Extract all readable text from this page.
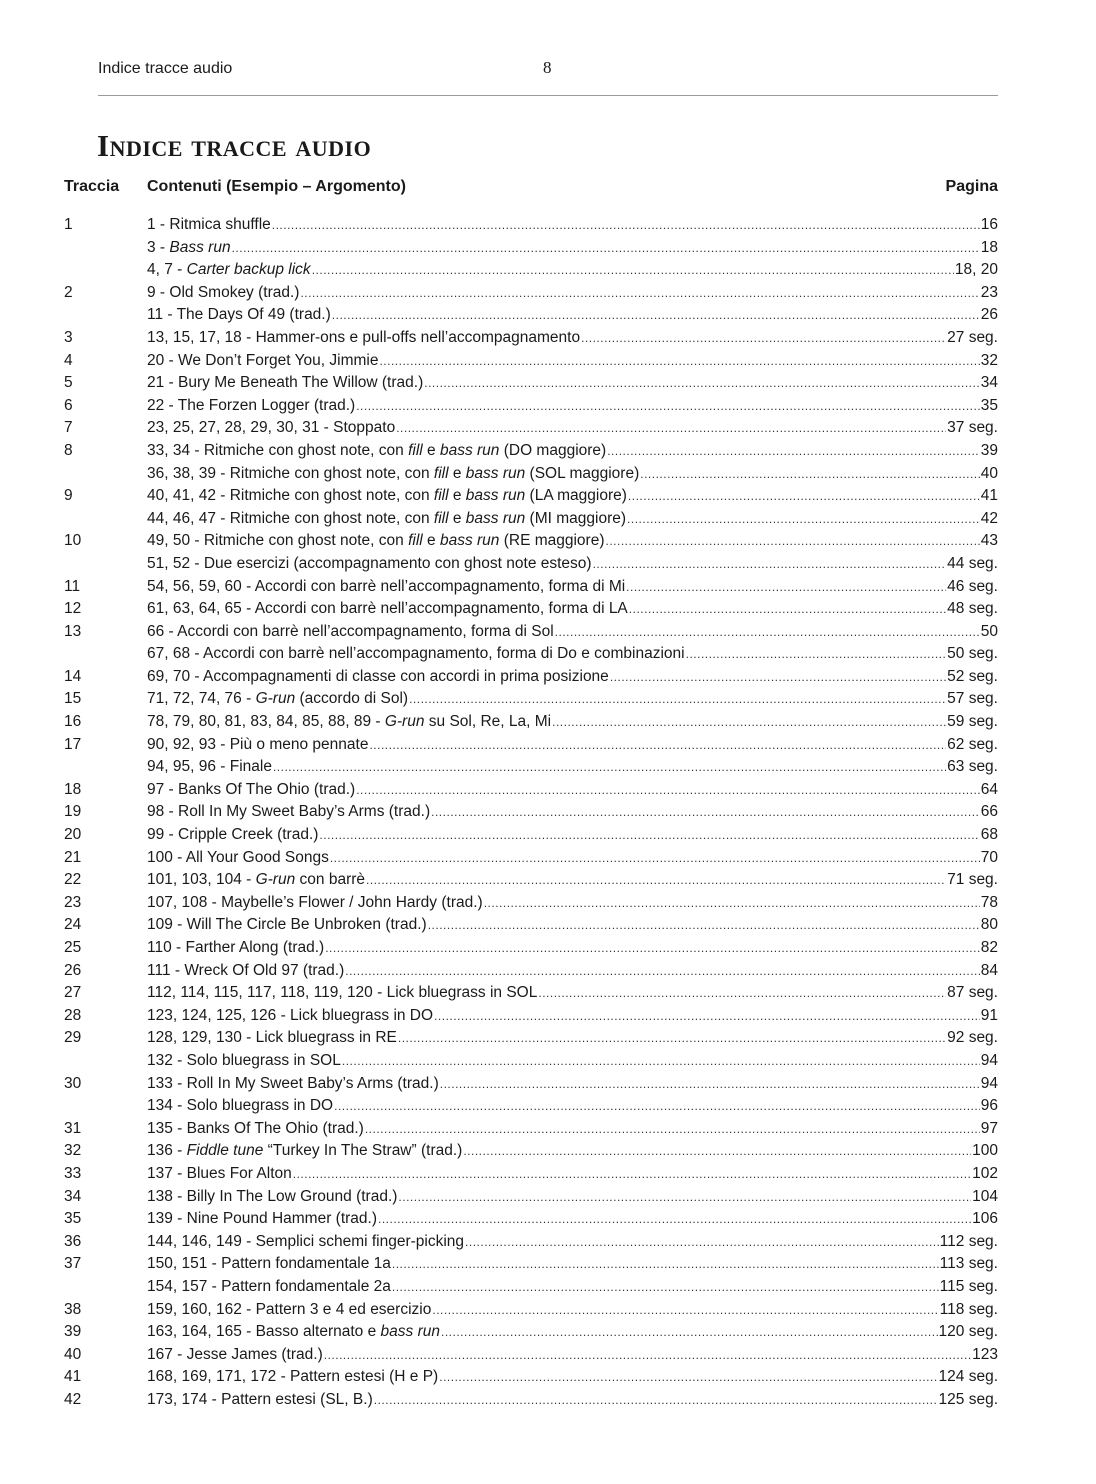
Indice tracce audio	8
Indice tracce audio
Traccia Contenuti (Esempio – Argomento)	Pagina
1	1 - Ritmica shuffle .....	16
3 - Bass run .....	18
4, 7 - Carter backup lick .....	18, 20
2	9 - Old Smokey (trad.) .....	23
11 - The Days Of 49 (trad.) .....	26
3	13, 15, 17, 18 - Hammer-ons e pull-offs nell’accompagnamento .....	27 seg.
4	20 - We Don’t Forget You, Jimmie .....	32
5	21 - Bury Me Beneath The Willow (trad.) .....	34
6	22 - The Forzen Logger (trad.) .....	35
7	23, 25, 27, 28, 29, 30, 31 - Stoppato .....	37 seg.
8	33, 34 - Ritmiche con ghost note, con fill e bass run (DO maggiore) .....	39
36, 38, 39 - Ritmiche con ghost note, con fill e bass run (SOL maggiore) .....	40
9	40, 41, 42 - Ritmiche con ghost note, con fill e bass run (LA maggiore) .....	41
44, 46, 47 - Ritmiche con ghost note, con fill e bass run (MI maggiore) .....	42
10	49, 50 - Ritmiche con ghost note, con fill e bass run (RE maggiore) .....	43
51, 52 - Due esercizi (accompagnamento con ghost note esteso) .....	44 seg.
11	54, 56, 59, 60 - Accordi con barrè nell’accompagnamento, forma di Mi .....	46 seg.
12	61, 63, 64, 65 - Accordi con barrè nell’accompagnamento, forma di LA .....	48 seg.
13	66 - Accordi con barrè nell’accompagnamento, forma di Sol .....	50
67, 68 - Accordi con barrè nell’accompagnamento, forma di Do e combinazioni .....	50 seg.
14	69, 70 - Accompagnamenti di classe con accordi in prima posizione .....	52 seg.
15	71, 72, 74, 76 - G-run (accordo di Sol) .....	57 seg.
16	78, 79, 80, 81, 83, 84, 85, 88, 89 - G-run su Sol, Re, La, Mi .....	59 seg.
17	90, 92, 93 - Più o meno pennate .....	62 seg.
94, 95, 96 - Finale .....	63 seg.
18	97 - Banks Of The Ohio (trad.) .....	64
19	98 - Roll In My Sweet Baby’s Arms (trad.) .....	66
20	99 - Cripple Creek (trad.) .....	68
21	100 - All Your Good Songs .....	70
22	101, 103, 104 - G-run con barrè .....	71 seg.
23	107, 108 - Maybelle’s Flower / John Hardy (trad.) .....	78
24	109 - Will The Circle Be Unbroken (trad.) .....	80
25	110 - Farther Along (trad.) .....	82
26	111 - Wreck Of Old 97 (trad.) .....	84
27	112, 114, 115, 117, 118, 119, 120 - Lick bluegrass in SOL .....	87 seg.
28	123, 124, 125, 126 - Lick bluegrass in DO .....	91
29	128, 129, 130 - Lick bluegrass in RE .....	92 seg.
132 - Solo bluegrass in SOL .....	94
30	133 - Roll In My Sweet Baby’s Arms (trad.) .....	94
134 - Solo bluegrass in DO .....	96
31	135 - Banks Of The Ohio (trad.) .....	97
32	136 - Fiddle tune “Turkey In The Straw” (trad.) .....	100
33	137 - Blues For Alton .....	102
34	138 - Billy In The Low Ground (trad.) .....	104
35	139 - Nine Pound Hammer (trad.) .....	106
36	144, 146, 149 - Semplici schemi finger-picking .....	112 seg.
37	150, 151 - Pattern fondamentale 1a .....	113 seg.
154, 157 - Pattern fondamentale 2a .....	115 seg.
38	159, 160, 162 - Pattern 3 e 4 ed esercizio .....	118 seg.
39	163, 164, 165 - Basso alternato e bass run .....	120 seg.
40	167 - Jesse James (trad.) .....	123
41	168, 169, 171, 172 - Pattern estesi (H e P) .....	124 seg.
42	173, 174 - Pattern estesi (SL, B.) .....	125 seg.
